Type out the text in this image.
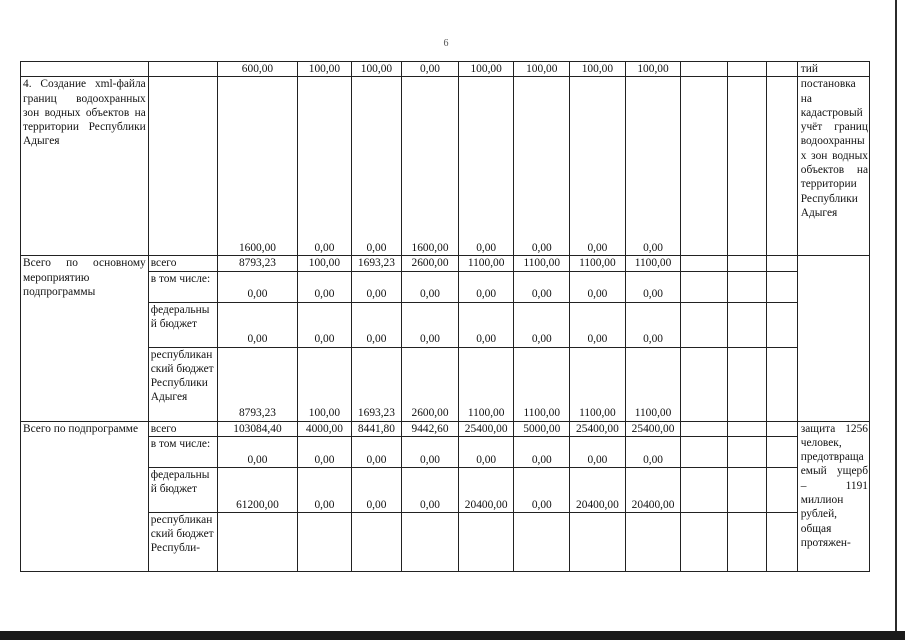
6
		600,00	100,00	100,00	0,00	100,00	100,00	100,00	100,00				тий
4. Создание xml-файла границ водоохранных зон водных объектов на территории Республики Адыгея		1600,00	0,00	0,00	1600,00	0,00	0,00	0,00	0,00				постановка на кадастровый учёт границ водоохранных зон водных объектов на территории Республики Адыгея
Всего по основному мероприятию подпрограммы	всего	8793,23	100,00	1693,23	2600,00	1100,00	1100,00	1100,00	1100,00				
	в том числе:	0,00	0,00	0,00	0,00	0,00	0,00	0,00	0,00				
	федеральный бюджет	0,00	0,00	0,00	0,00	0,00	0,00	0,00	0,00				
	республиканский бюджет Республики Адыгея	8793,23	100,00	1693,23	2600,00	1100,00	1100,00	1100,00	1100,00				
Всего по подпрограмме	всего	103084,40	4000,00	8441,80	9442,60	25400,00	5000,00	25400,00	25400,00				защита 1256 человек, предотвращаемый ущерб – 1191 миллион рублей, общая протяжен-
	в том числе:	0,00	0,00	0,00	0,00	0,00	0,00	0,00	0,00				
	федеральный бюджет	61200,00	0,00	0,00	0,00	20400,00	0,00	20400,00	20400,00				
	республиканский бюджет Республи-												
